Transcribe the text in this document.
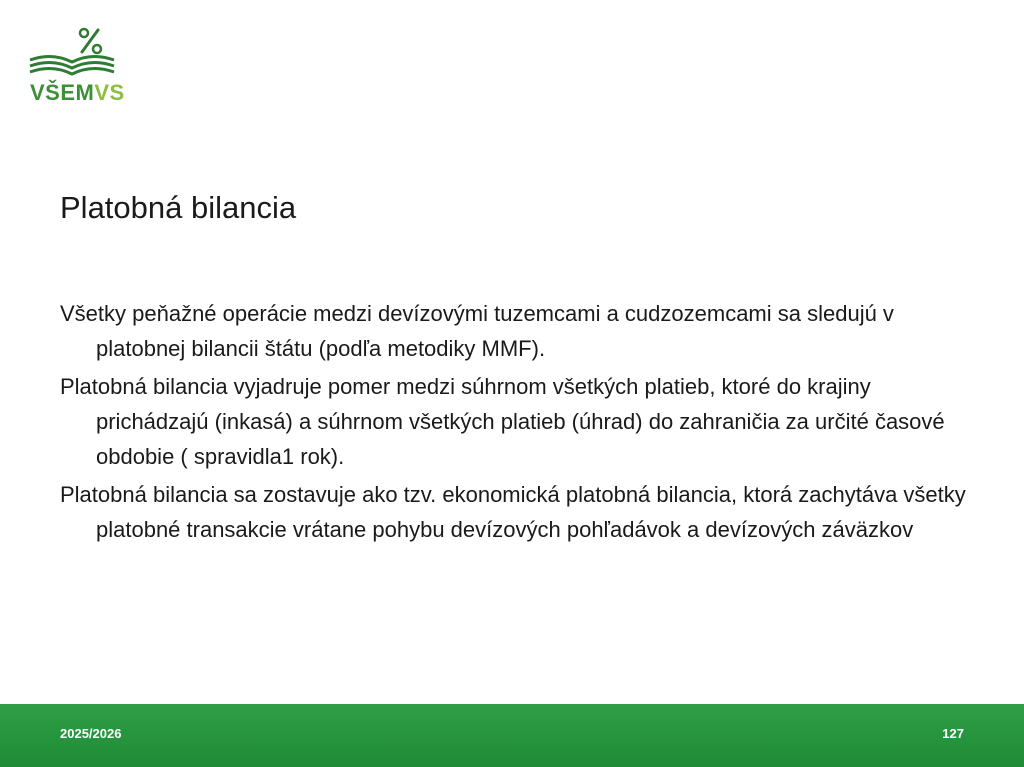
VŠEMVS
Platobná bilancia

Všetky peňažné operácie medzi devízovými tuzemcami a cudzozemcami sa sledujú v platobnej bilancii štátu (podľa metodiky MMF).

Platobná bilancia vyjadruje pomer medzi súhrnom všetkých platieb, ktoré do krajiny prichádzajú (inkasá) a súhrnom všetkých platieb (úhrad) do zahraničia za určité časové obdobie ( spravidla1 rok).

Platobná bilancia sa zostavuje ako tzv. ekonomická platobná bilancia, ktorá zachytáva všetky platobné transakcie vrátane pohybu devízových pohľadávok a devízových záväzkov

2025/2026	127
